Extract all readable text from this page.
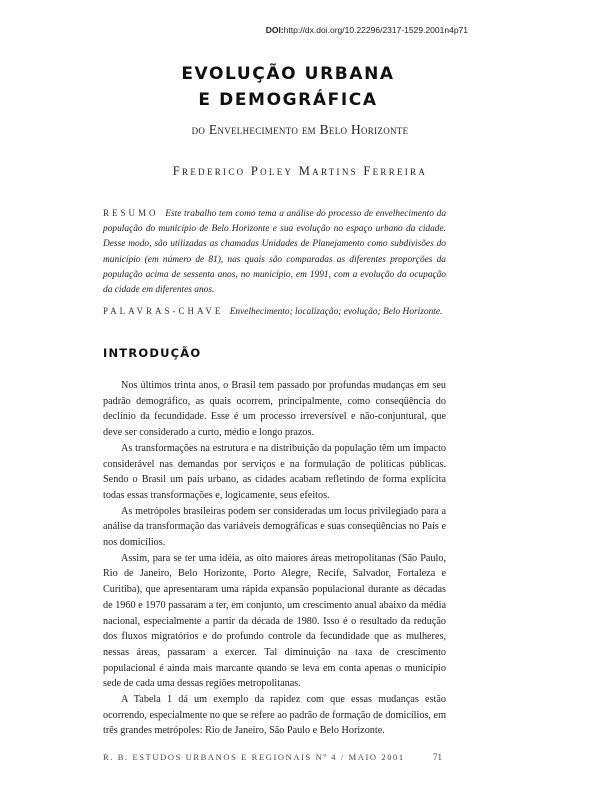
DOI:http://dx.doi.org/10.22296/2317-1529.2001n4p71
EVOLUÇÃO URBANA
E DEMOGRÁFICA
do Envelhecimento em Belo Horizonte
Frederico Poley Martins Ferreira
RESUMO Este trabalho tem como tema a análise do processo de envelhecimento da população do município de Belo Horizonte e sua evolução no espaço urbano da cidade. Desse modo, são utilizadas as chamadas Unidades de Planejamento como subdivisões do município (em número de 81), nas quais são comparadas as diferentes proporções da população acima de sessenta anos, no município, em 1991, com a evolução da ocupação da cidade em diferentes anos.
PALAVRAS-CHAVE Envelhecimento; localização; evolução; Belo Horizonte.
INTRODUÇÃO

Nos últimos trinta anos, o Brasil tem passado por profundas mudanças em seu padrão demográfico, as quais ocorrem, principalmente, como conseqüência do declínio da fecundidade. Esse é um processo irreversível e não-conjuntural, que deve ser considerado a curto, médio e longo prazos.

As transformações na estrutura e na distribuição da população têm um impacto considerável nas demandas por serviços e na formulação de políticas públicas. Sendo o Brasil um país urbano, as cidades acabam refletindo de forma explícita todas essas transformações e, logicamente, seus efeitos.

As metrópoles brasileiras podem ser consideradas um locus privilegiado para a análise da transformação das variáveis demográficas e suas conseqüências no País e nos domicílios.

Assim, para se ter uma idéia, as oito maiores áreas metropolitanas (São Paulo, Rio de Janeiro, Belo Horizonte, Porto Alegre, Recife, Salvador, Fortaleza e Curitiba), que apresentaram uma rápida expansão populacional durante as décadas de 1960 e 1970 passaram a ter, em conjunto, um crescimento anual abaixo da média nacional, especialmente a partir da década de 1980. Isso é o resultado da redução dos fluxos migratórios e do profundo controle da fecundidade que as mulheres, nessas áreas, passaram a exercer. Tal diminuição na taxa de crescimento populacional é ainda mais marcante quando se leva em conta apenas o município sede de cada uma dessas regiões metropolitanas.

A Tabela 1 dá um exemplo da rapidez com que essas mudanças estão ocorrendo, especialmente no que se refere ao padrão de formação de domicílios, em três grandes metrópoles: Rio de Janeiro, São Paulo e Belo Horizonte.

R. B. ESTUDOS URBANOS E REGIONAIS Nº 4 / MAIO 2001	71
